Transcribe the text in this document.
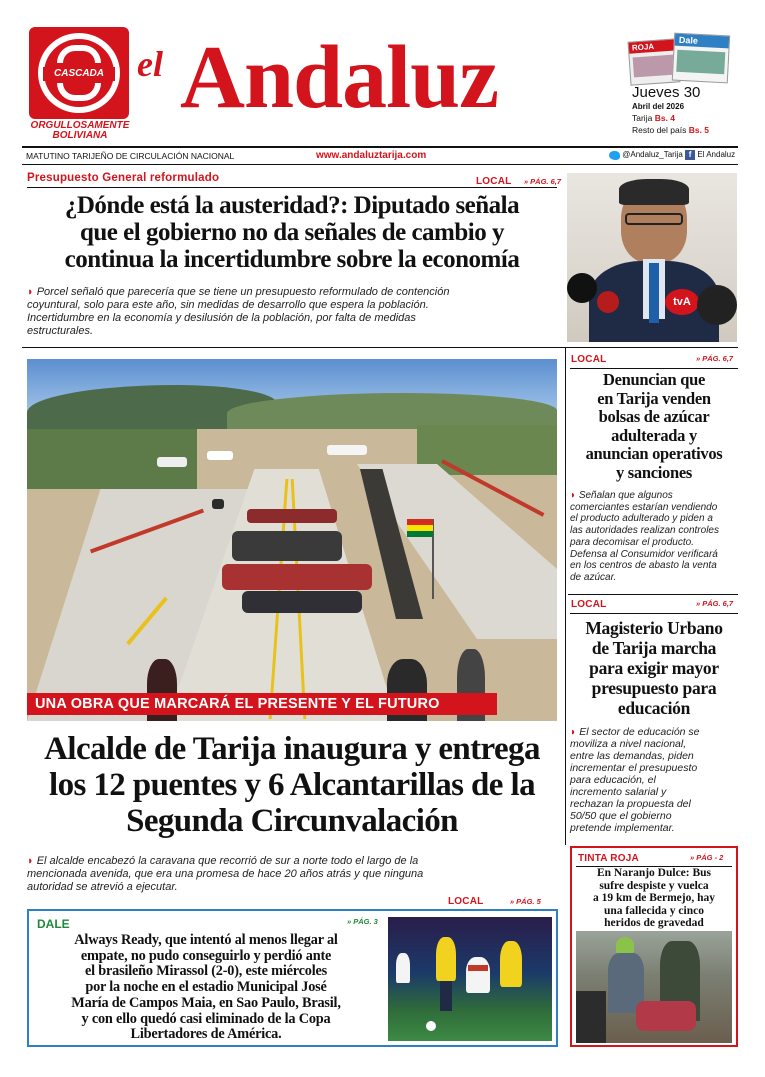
CASCADA
ORGULLOSAMENTE BOLIVIANA
el Andaluz	ROJA
Dale
Jueves 30
Abril del 2026
Tarija Bs. 4
Resto del país Bs. 5
MATUTINO TARIJEÑO DE CIRCULACIÓN NACIONAL	www.andaluztarija.com	@Andaluz_Tarija f El Andaluz
Presupuesto General reformulado	LOCAL » PÁG. 6,7
¿Dónde está la austeridad?: Diputado señala
que el gobierno no da señales de cambio y
continua la incertidumbre sobre la economía
◗ Porcel señaló que parecería que se tiene un presupuesto reformulado de contención
coyuntural, solo para este año, sin medidas de desarrollo que espera la población.
Incertidumbre en la economía y desilusión de la población, por falta de medidas
estructurales.
tvA
UNA OBRA QUE MARCARÁ EL PRESENTE Y EL FUTURO
Alcalde de Tarija inaugura y entrega
los 12 puentes y 6 Alcantarillas de la
Segunda Circunvalación
◗ El alcalde encabezó la caravana que recorrió de sur a norte todo el largo de la
mencionada avenida, que era una promesa de hace 20 años atrás y que ninguna
autoridad se atrevió a ejecutar.
LOCAL	» PÁG. 5
LOCAL	» PÁG. 6,7
Denuncian que
en Tarija venden
bolsas de azúcar
adulterada y
anuncian operativos
y sanciones
◗ Señalan que algunos
comerciantes estarían vendiendo
el producto adulterado y piden a
las autoridades realizan controles
para decomisar el producto.
Defensa al Consumidor verificará
en los centros de abasto la venta
de azúcar.
LOCAL	» PÁG. 6,7
Magisterio Urbano
de Tarija marcha
para exigir mayor
presupuesto para
educación
◗ El sector de educación se
moviliza a nivel nacional,
entre las demandas, piden
incrementar el presupuesto
para educación, el
incremento salarial y
rechazan la propuesta del
50/50 que el gobierno
pretende implementar.
DALE	» PÁG. 3
Always Ready, que intentó al menos llegar al
empate, no pudo conseguirlo y perdió ante
el brasileño Mirassol (2-0), este miércoles
por la noche en el estadio Municipal José
María de Campos Maia, en Sao Paulo, Brasil,
y con ello quedó casi eliminado de la Copa
Libertadores de América.
TINTA ROJA	» PÁG - 2
En Naranjo Dulce: Bus
sufre despiste y vuelca
a 19 km de Bermejo, hay
una fallecida y cinco
heridos de gravedad
